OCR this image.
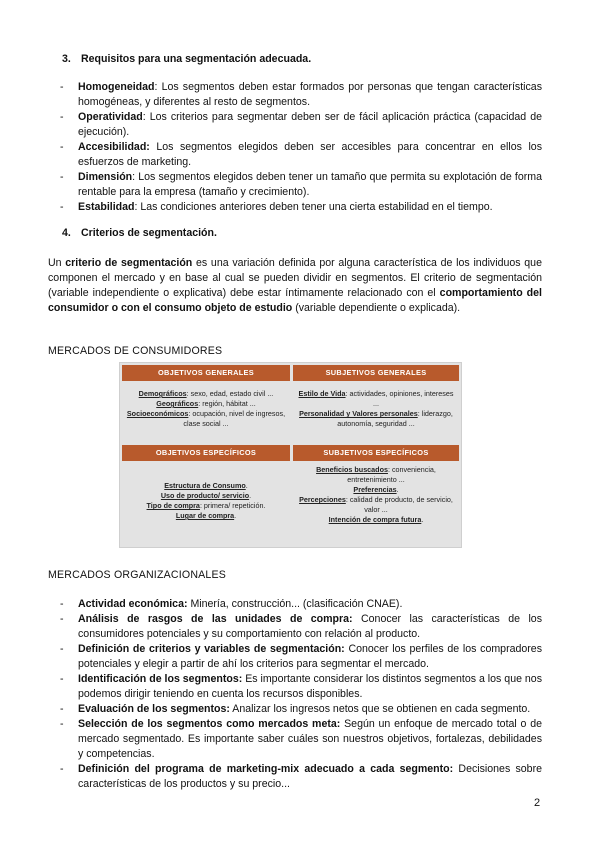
3. Requisitos para una segmentación adecuada.
- Homogeneidad: Los segmentos deben estar formados por personas que tengan características homogéneas, y diferentes al resto de segmentos.
- Operatividad: Los criterios para segmentar deben ser de fácil aplicación práctica (capacidad de ejecución).
- Accesibilidad: Los segmentos elegidos deben ser accesibles para concentrar en ellos los esfuerzos de marketing.
- Dimensión: Los segmentos elegidos deben tener un tamaño que permita su explotación de forma rentable para la empresa (tamaño y crecimiento).
- Estabilidad: Las condiciones anteriores deben tener una cierta estabilidad en el tiempo.
4. Criterios de segmentación.
Un criterio de segmentación es una variación definida por alguna característica de los individuos que componen el mercado y en base al cual se pueden dividir en segmentos. El criterio de segmentación (variable independiente o explicativa) debe estar íntimamente relacionado con el comportamiento del consumidor o con el consumo objeto de estudio (variable dependiente o explicada).
MERCADOS DE CONSUMIDORES
OBJETIVOS GENERALES	SUBJETIVOS GENERALES
Demográficos: sexo, edad, estado civil ...
Geográficos: región, hábitat ...
Socioeconómicos: ocupación, nivel de ingresos, clase social ...
Estilo de Vida: actividades, opiniones, intereses ...
Personalidad y Valores personales: liderazgo, autonomía, seguridad ...
OBJETIVOS ESPECÍFICOS	SUBJETIVOS ESPECÍFICOS
Estructura de Consumo.
Uso de producto/ servicio.
Tipo de compra: primera/ repetición.
Lugar de compra.
Beneficios buscados: conveniencia, entretenimiento ...
Preferencias.
Percepciones: calidad de producto, de servicio, valor ...
Intención de compra futura.
MERCADOS ORGANIZACIONALES
- Actividad económica: Minería, construcción... (clasificación CNAE).
- Análisis de rasgos de las unidades de compra: Conocer las características de los consumidores potenciales y su comportamiento con relación al producto.
- Definición de criterios y variables de segmentación: Conocer los perfiles de los compradores potenciales y elegir a partir de ahí los criterios para segmentar el mercado.
- Identificación de los segmentos: Es importante considerar los distintos segmentos a los que nos podemos dirigir teniendo en cuenta los recursos disponibles.
- Evaluación de los segmentos: Analizar los ingresos netos que se obtienen en cada segmento.
- Selección de los segmentos como mercados meta: Según un enfoque de mercado total o de mercado segmentado. Es importante saber cuáles son nuestros objetivos, fortalezas, debilidades y competencias.
- Definición del programa de marketing-mix adecuado a cada segmento: Decisiones sobre características de los productos y su precio...
2
